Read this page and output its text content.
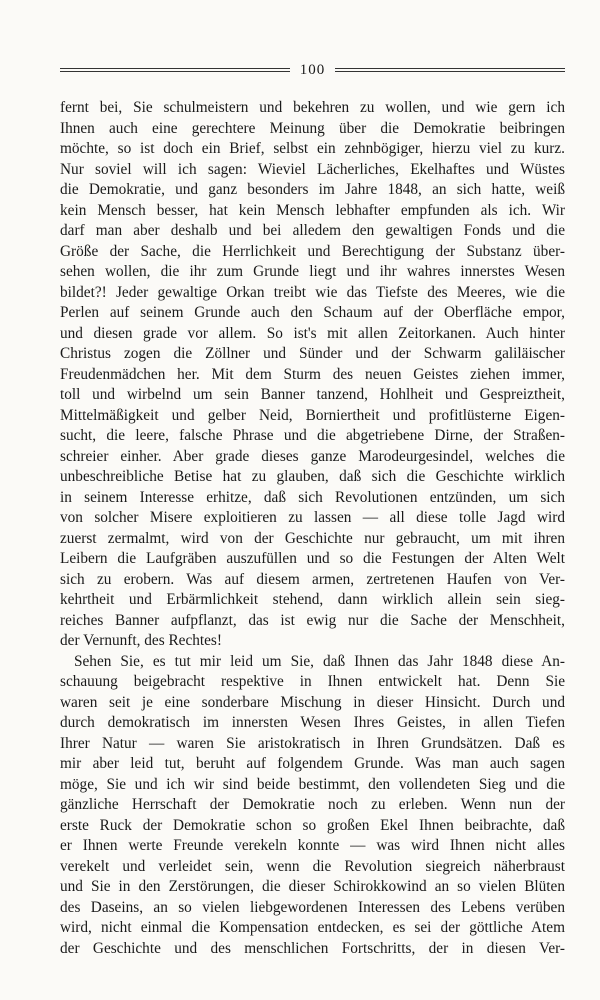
100
fernt bei, Sie schulmeistern und bekehren zu wollen, und wie gern ich
Ihnen auch eine gerechtere Meinung über die Demokratie beibringen
möchte, so ist doch ein Brief, selbst ein zehnbögiger, hierzu viel zu kurz.
Nur soviel will ich sagen: Wieviel Lächerliches, Ekelhaftes und Wüstes
die Demokratie, und ganz besonders im Jahre 1848, an sich hatte, weiß
kein Mensch besser, hat kein Mensch lebhafter empfunden als ich. Wir
darf man aber deshalb und bei alledem den gewaltigen Fonds und die
Größe der Sache, die Herrlichkeit und Berechtigung der Substanz über-
sehen wollen, die ihr zum Grunde liegt und ihr wahres innerstes Wesen
bildet?! Jeder gewaltige Orkan treibt wie das Tiefste des Meeres, wie die
Perlen auf seinem Grunde auch den Schaum auf der Oberfläche empor,
und diesen grade vor allem. So ist's mit allen Zeitorkanen. Auch hinter
Christus zogen die Zöllner und Sünder und der Schwarm galiläischer
Freudenmädchen her. Mit dem Sturm des neuen Geistes ziehen immer,
toll und wirbelnd um sein Banner tanzend, Hohlheit und Gespreiztheit,
Mittelmäßigkeit und gelber Neid, Borniertheit und profitlüsterne Eigen-
sucht, die leere, falsche Phrase und die abgetriebene Dirne, der Straßen-
schreier einher. Aber grade dieses ganze Marodeurgesindel, welches die
unbeschreibliche Betise hat zu glauben, daß sich die Geschichte wirklich
in seinem Interesse erhitze, daß sich Revolutionen entzünden, um sich
von solcher Misere exploitieren zu lassen — all diese tolle Jagd wird
zuerst zermalmt, wird von der Geschichte nur gebraucht, um mit ihren
Leibern die Laufgräben auszufüllen und so die Festungen der Alten Welt
sich zu erobern. Was auf diesem armen, zertretenen Haufen von Ver-
kehrtheit und Erbärmlichkeit stehend, dann wirklich allein sein sieg-
reiches Banner aufpflanzt, das ist ewig nur die Sache der Menschheit,
der Vernunft, des Rechtes!
Sehen Sie, es tut mir leid um Sie, daß Ihnen das Jahr 1848 diese An-
schauung beigebracht respektive in Ihnen entwickelt hat. Denn Sie
waren seit je eine sonderbare Mischung in dieser Hinsicht. Durch und
durch demokratisch im innersten Wesen Ihres Geistes, in allen Tiefen
Ihrer Natur — waren Sie aristokratisch in Ihren Grundsätzen. Daß es
mir aber leid tut, beruht auf folgendem Grunde. Was man auch sagen
möge, Sie und ich wir sind beide bestimmt, den vollendeten Sieg und die
gänzliche Herrschaft der Demokratie noch zu erleben. Wenn nun der
erste Ruck der Demokratie schon so großen Ekel Ihnen beibrachte, daß
er Ihnen werte Freunde verekeln konnte — was wird Ihnen nicht alles
verekelt und verleidet sein, wenn die Revolution siegreich näherbraust
und Sie in den Zerstörungen, die dieser Schirokkowind an so vielen Blüten
des Daseins, an so vielen liebgewordenen Interessen des Lebens verüben
wird, nicht einmal die Kompensation entdecken, es sei der göttliche Atem
der Geschichte und des menschlichen Fortschritts, der in diesen Ver-
